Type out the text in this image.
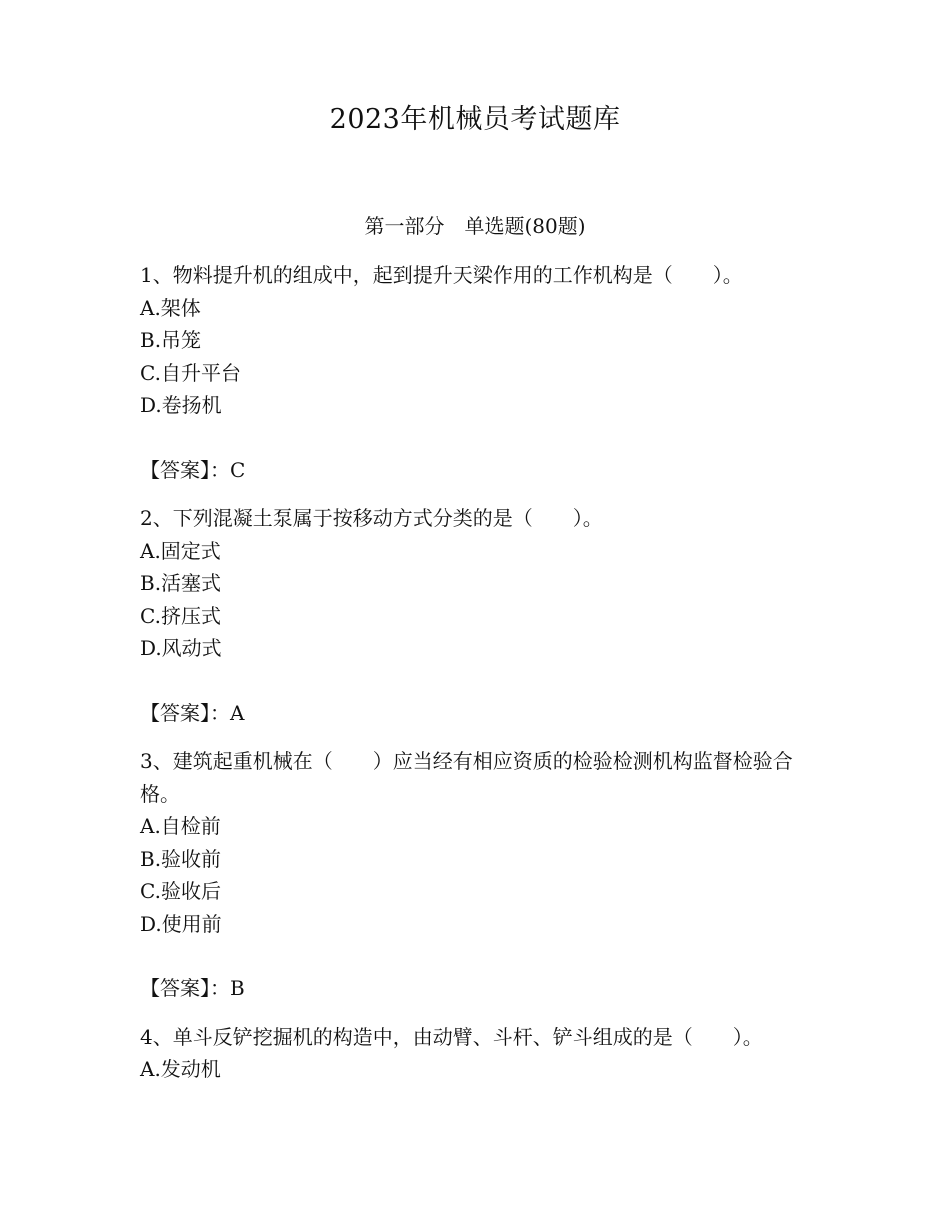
2023年机械员考试题库
第一部分　单选题(80题)

1、物料提升机的组成中，起到提升天梁作用的工作机构是（　　）。

A.架体

B.吊笼

C.自升平台

D.卷扬机

【答案】：C

2、下列混凝土泵属于按移动方式分类的是（　　）。

A.固定式

B.活塞式

C.挤压式

D.风动式

【答案】：A

3、建筑起重机械在（　　）应当经有相应资质的检验检测机构监督检验合格。

A.自检前

B.验收前

C.验收后

D.使用前

【答案】：B

4、单斗反铲挖掘机的构造中，由动臂、斗杆、铲斗组成的是（　　）。

A.发动机
